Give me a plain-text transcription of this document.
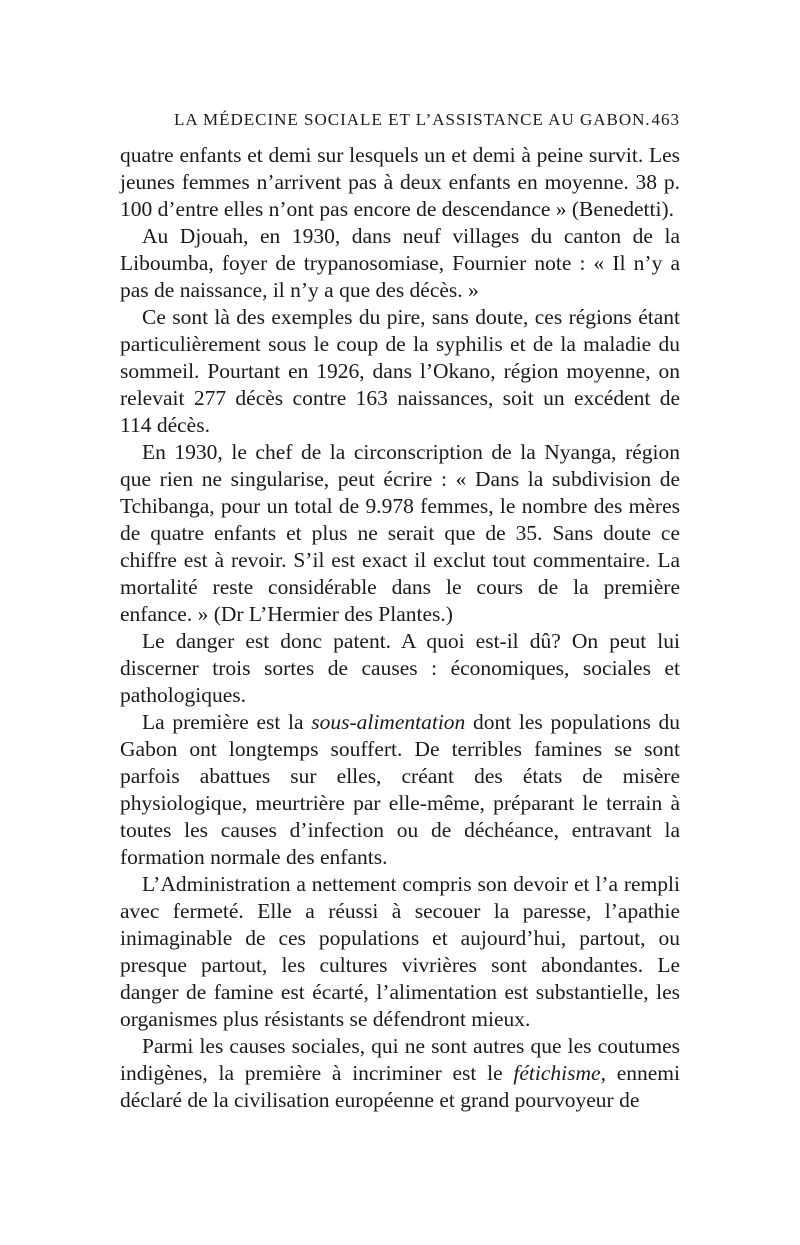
LA MÉDECINE SOCIALE ET L’ASSISTANCE AU GABON. 463

quatre enfants et demi sur lesquels un et demi à peine survit. Les jeunes femmes n’arrivent pas à deux enfants en moyenne. 38 p. 100 d’entre elles n’ont pas encore de descendance » (Benedetti).

Au Djouah, en 1930, dans neuf villages du canton de la Liboumba, foyer de trypanosomiase, Fournier note : « Il n’y a pas de naissance, il n’y a que des décès. »

Ce sont là des exemples du pire, sans doute, ces régions étant particulièrement sous le coup de la syphilis et de la maladie du sommeil. Pourtant en 1926, dans l’Okano, région moyenne, on relevait 277 décès contre 163 naissances, soit un excédent de 114 décès.

En 1930, le chef de la circonscription de la Nyanga, région que rien ne singularise, peut écrire : « Dans la subdivision de Tchibanga, pour un total de 9.978 femmes, le nombre des mères de quatre enfants et plus ne serait que de 35. Sans doute ce chiffre est à revoir. S’il est exact il exclut tout commentaire. La mortalité reste considérable dans le cours de la première enfance. » (Dr L’Hermier des Plantes.)

Le danger est donc patent. A quoi est-il dû? On peut lui discerner trois sortes de causes : économiques, sociales et pathologiques.

La première est la sous-alimentation dont les populations du Gabon ont longtemps souffert. De terribles famines se sont parfois abattues sur elles, créant des états de misère physiologique, meurtrière par elle-même, préparant le terrain à toutes les causes d’infection ou de déchéance, entravant la formation normale des enfants.

L’Administration a nettement compris son devoir et l’a rempli avec fermeté. Elle a réussi à secouer la paresse, l’apathie inimaginable de ces populations et aujourd’hui, partout, ou presque partout, les cultures vivrières sont abondantes. Le danger de famine est écarté, l’alimentation est substantielle, les organismes plus résistants se défendront mieux.

Parmi les causes sociales, qui ne sont autres que les coutumes indigènes, la première à incriminer est le fétichisme, ennemi déclaré de la civilisation européenne et grand pourvoyeur de
